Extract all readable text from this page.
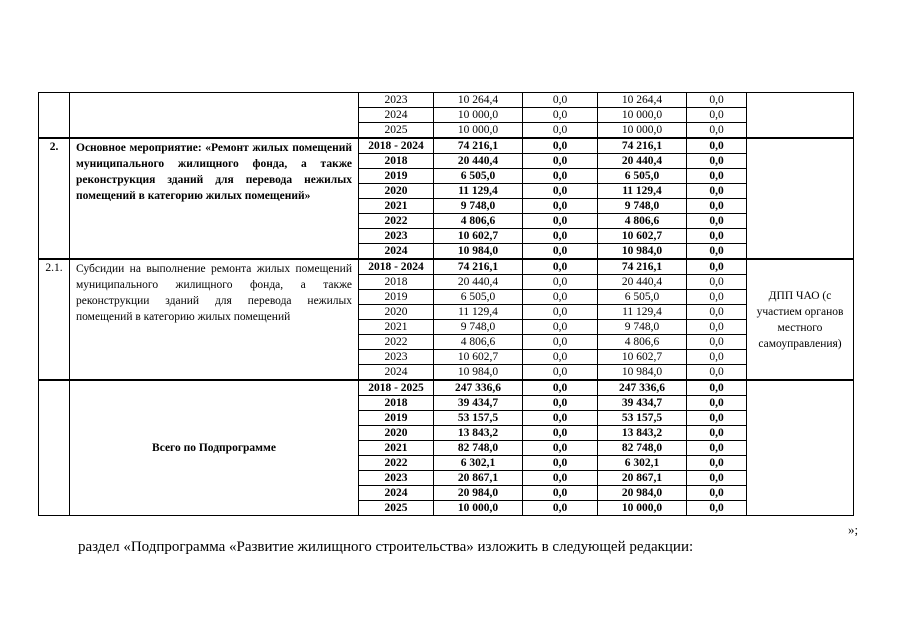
		2023	10 264,4	0,0	10 264,4	0,0	
		2024	10 000,0	0,0	10 000,0	0,0	
		2025	10 000,0	0,0	10 000,0	0,0	
2.	Основное мероприятие: «Ремонт жилых помещений муниципального жилищного фонда, а также реконструкция зданий для перевода нежилых помещений в категорию жилых помещений»	2018 - 2024	74 216,1	0,0	74 216,1	0,0	
		2018	20 440,4	0,0	20 440,4	0,0	
		2019	6 505,0	0,0	6 505,0	0,0	
		2020	11 129,4	0,0	11 129,4	0,0	
		2021	9 748,0	0,0	9 748,0	0,0	
		2022	4 806,6	0,0	4 806,6	0,0	
		2023	10 602,7	0,0	10 602,7	0,0	
		2024	10 984,0	0,0	10 984,0	0,0	
2.1.	Субсидии на выполнение ремонта жилых помещений муниципального жилищного фонда, а также реконструкции зданий для перевода нежилых помещений в категорию жилых помещений	2018 - 2024	74 216,1	0,0	74 216,1	0,0	ДПП ЧАО (с участием органов местного самоуправления)
		2018	20 440,4	0,0	20 440,4	0,0	
		2019	6 505,0	0,0	6 505,0	0,0	
		2020	11 129,4	0,0	11 129,4	0,0	
		2021	9 748,0	0,0	9 748,0	0,0	
		2022	4 806,6	0,0	4 806,6	0,0	
		2023	10 602,7	0,0	10 602,7	0,0	
		2024	10 984,0	0,0	10 984,0	0,0	
	Всего по Подпрограмме	2018 - 2025	247 336,6	0,0	247 336,6	0,0	
		2018	39 434,7	0,0	39 434,7	0,0	
		2019	53 157,5	0,0	53 157,5	0,0	
		2020	13 843,2	0,0	13 843,2	0,0	
		2021	82 748,0	0,0	82 748,0	0,0	
		2022	6 302,1	0,0	6 302,1	0,0	
		2023	20 867,1	0,0	20 867,1	0,0	
		2024	20 984,0	0,0	20 984,0	0,0	
		2025	10 000,0	0,0	10 000,0	0,0	
»;
раздел «Подпрограмма «Развитие жилищного строительства» изложить в следующей редакции:
